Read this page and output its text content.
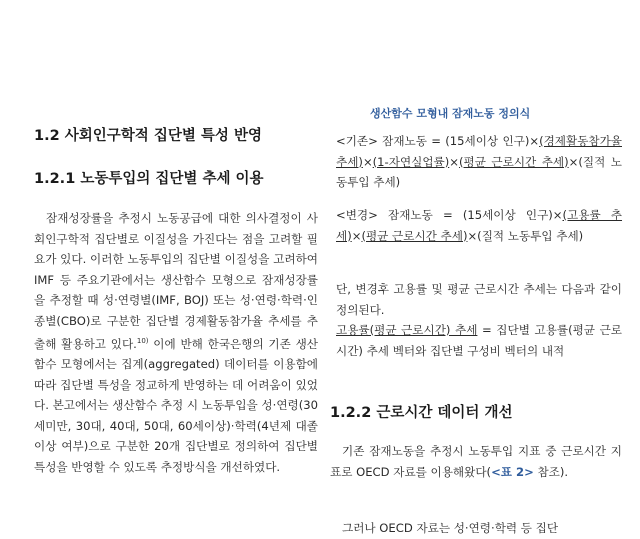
1.2 사회인구학적 집단별 특성 반영
1.2.1 노동투입의 집단별 추세 이용

잠재성장률을 추정시 노동공급에 대한 의사결정이 사회인구학적 집단별로 이질성을 가진다는 점을 고려할 필요가 있다. 이러한 노동투입의 집단별 이질성을 고려하여 IMF 등 주요기관에서는 생산함수 모형으로 잠재성장률을 추정할 때 성·연령별(IMF, BOJ) 또는 성·연령·학력·인종별(CBO)로 구분한 집단별 경제활동참가율 추세를 추출해 활용하고 있다.$^{10)}$ 이에 반해 한국은행의 기존 생산함수 모형에서는 집계(aggregated) 데이터를 이용함에 따라 집단별 특성을 정교하게 반영하는 데 어려움이 있었다. 본고에서는 생산함수 추정 시 노동투입을 성·연령(30세미만, 30대, 40대, 50대, 60세이상)·학력(4년제 대졸이상 여부)으로 구분한 20개 집단별로 정의하여 집단별 특성을 반영할 수 있도록 추정방식을 개선하였다.

생산함수 모형내 잠재노동 정의식

<기존> 잠재노동 = (15세이상 인구)×(경제활동참가율 추세)×(1-자연실업률)×(평균 근로시간 추세)×(질적 노동투입 추세)

<변경> 잠재노동 = (15세이상 인구)×(고용률 추세)×(평균 근로시간 추세)×(질적 노동투입 추세)

단, 변경후 고용률 및 평균 근로시간 추세는 다음과 같이 정의된다.

고용률(평균 근로시간) 추세 = 집단별 고용률(평균 근로시간) 추세 벡터와 집단별 구성비 벡터의 내적

1.2.2 근로시간 데이터 개선

기존 잠재노동을 추정시 노동투입 지표 중 근로시간 지표로 OECD 자료를 이용해왔다(<표 2> 참조).

그러나 OECD 자료는 성·연령·학력 등 집단
